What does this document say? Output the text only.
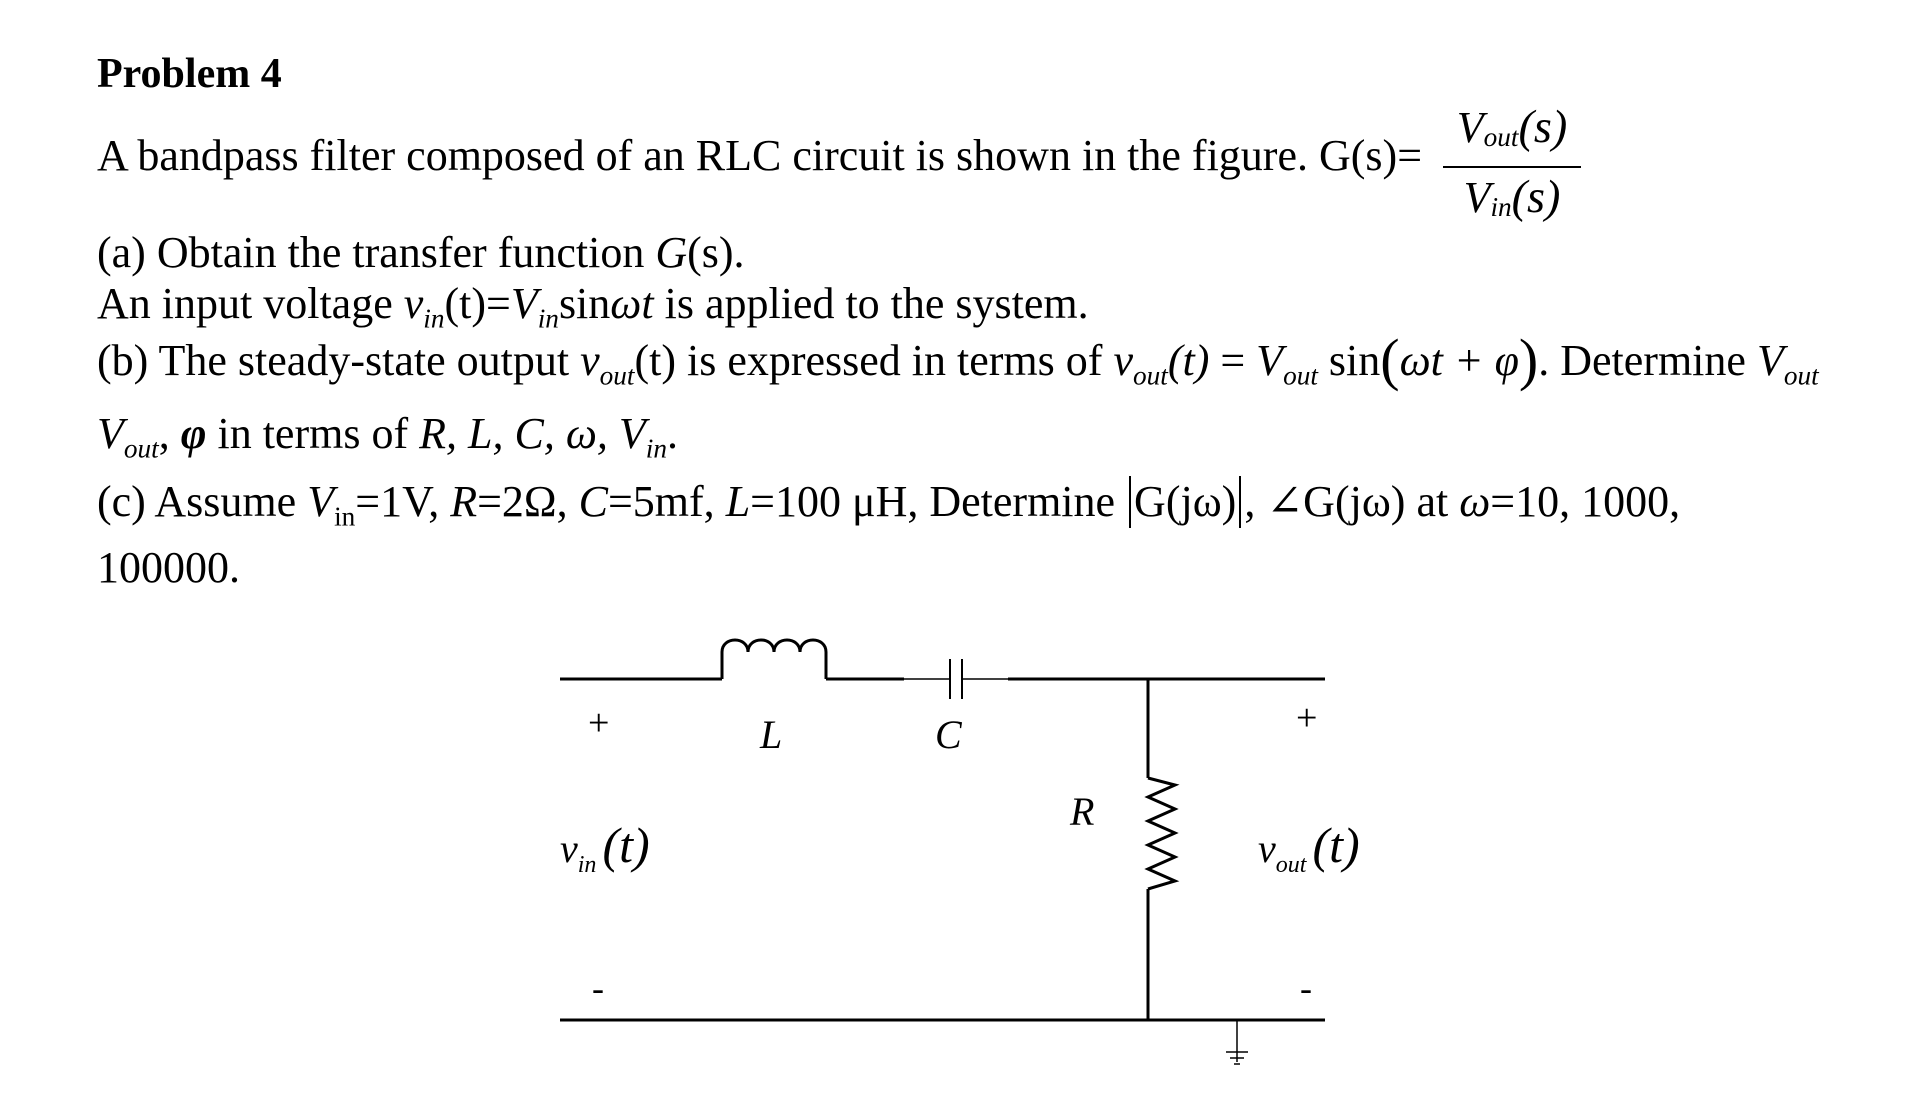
Problem 4
A bandpass filter composed of an RLC circuit is shown in the figure. G(s)=
Vout(s)
Vin(s)
(a) Obtain the transfer function G(s).
An input voltage $v_{in}(t)=V_{in}\sin\omega t$ is applied to the system.
(b) The steady-state output $v_{out}(t)$ is expressed in terms of $v_{out}(t) = V_{out}$ sin(ωt + φ). Determine $V_{out}$
$V_{out}$, φ in terms of R, L, C, ω, $V_{in}$.
(c) Assume $V_{in}=1V$, R=2Ω, C=5mf, L=100 μH, Determine G(jω) , ∠G(jω) at ω=10, 1000,
100000.
+
-
$v_{in}$ (t)
L	C
R
+
-
$v_{out}$ (t)
